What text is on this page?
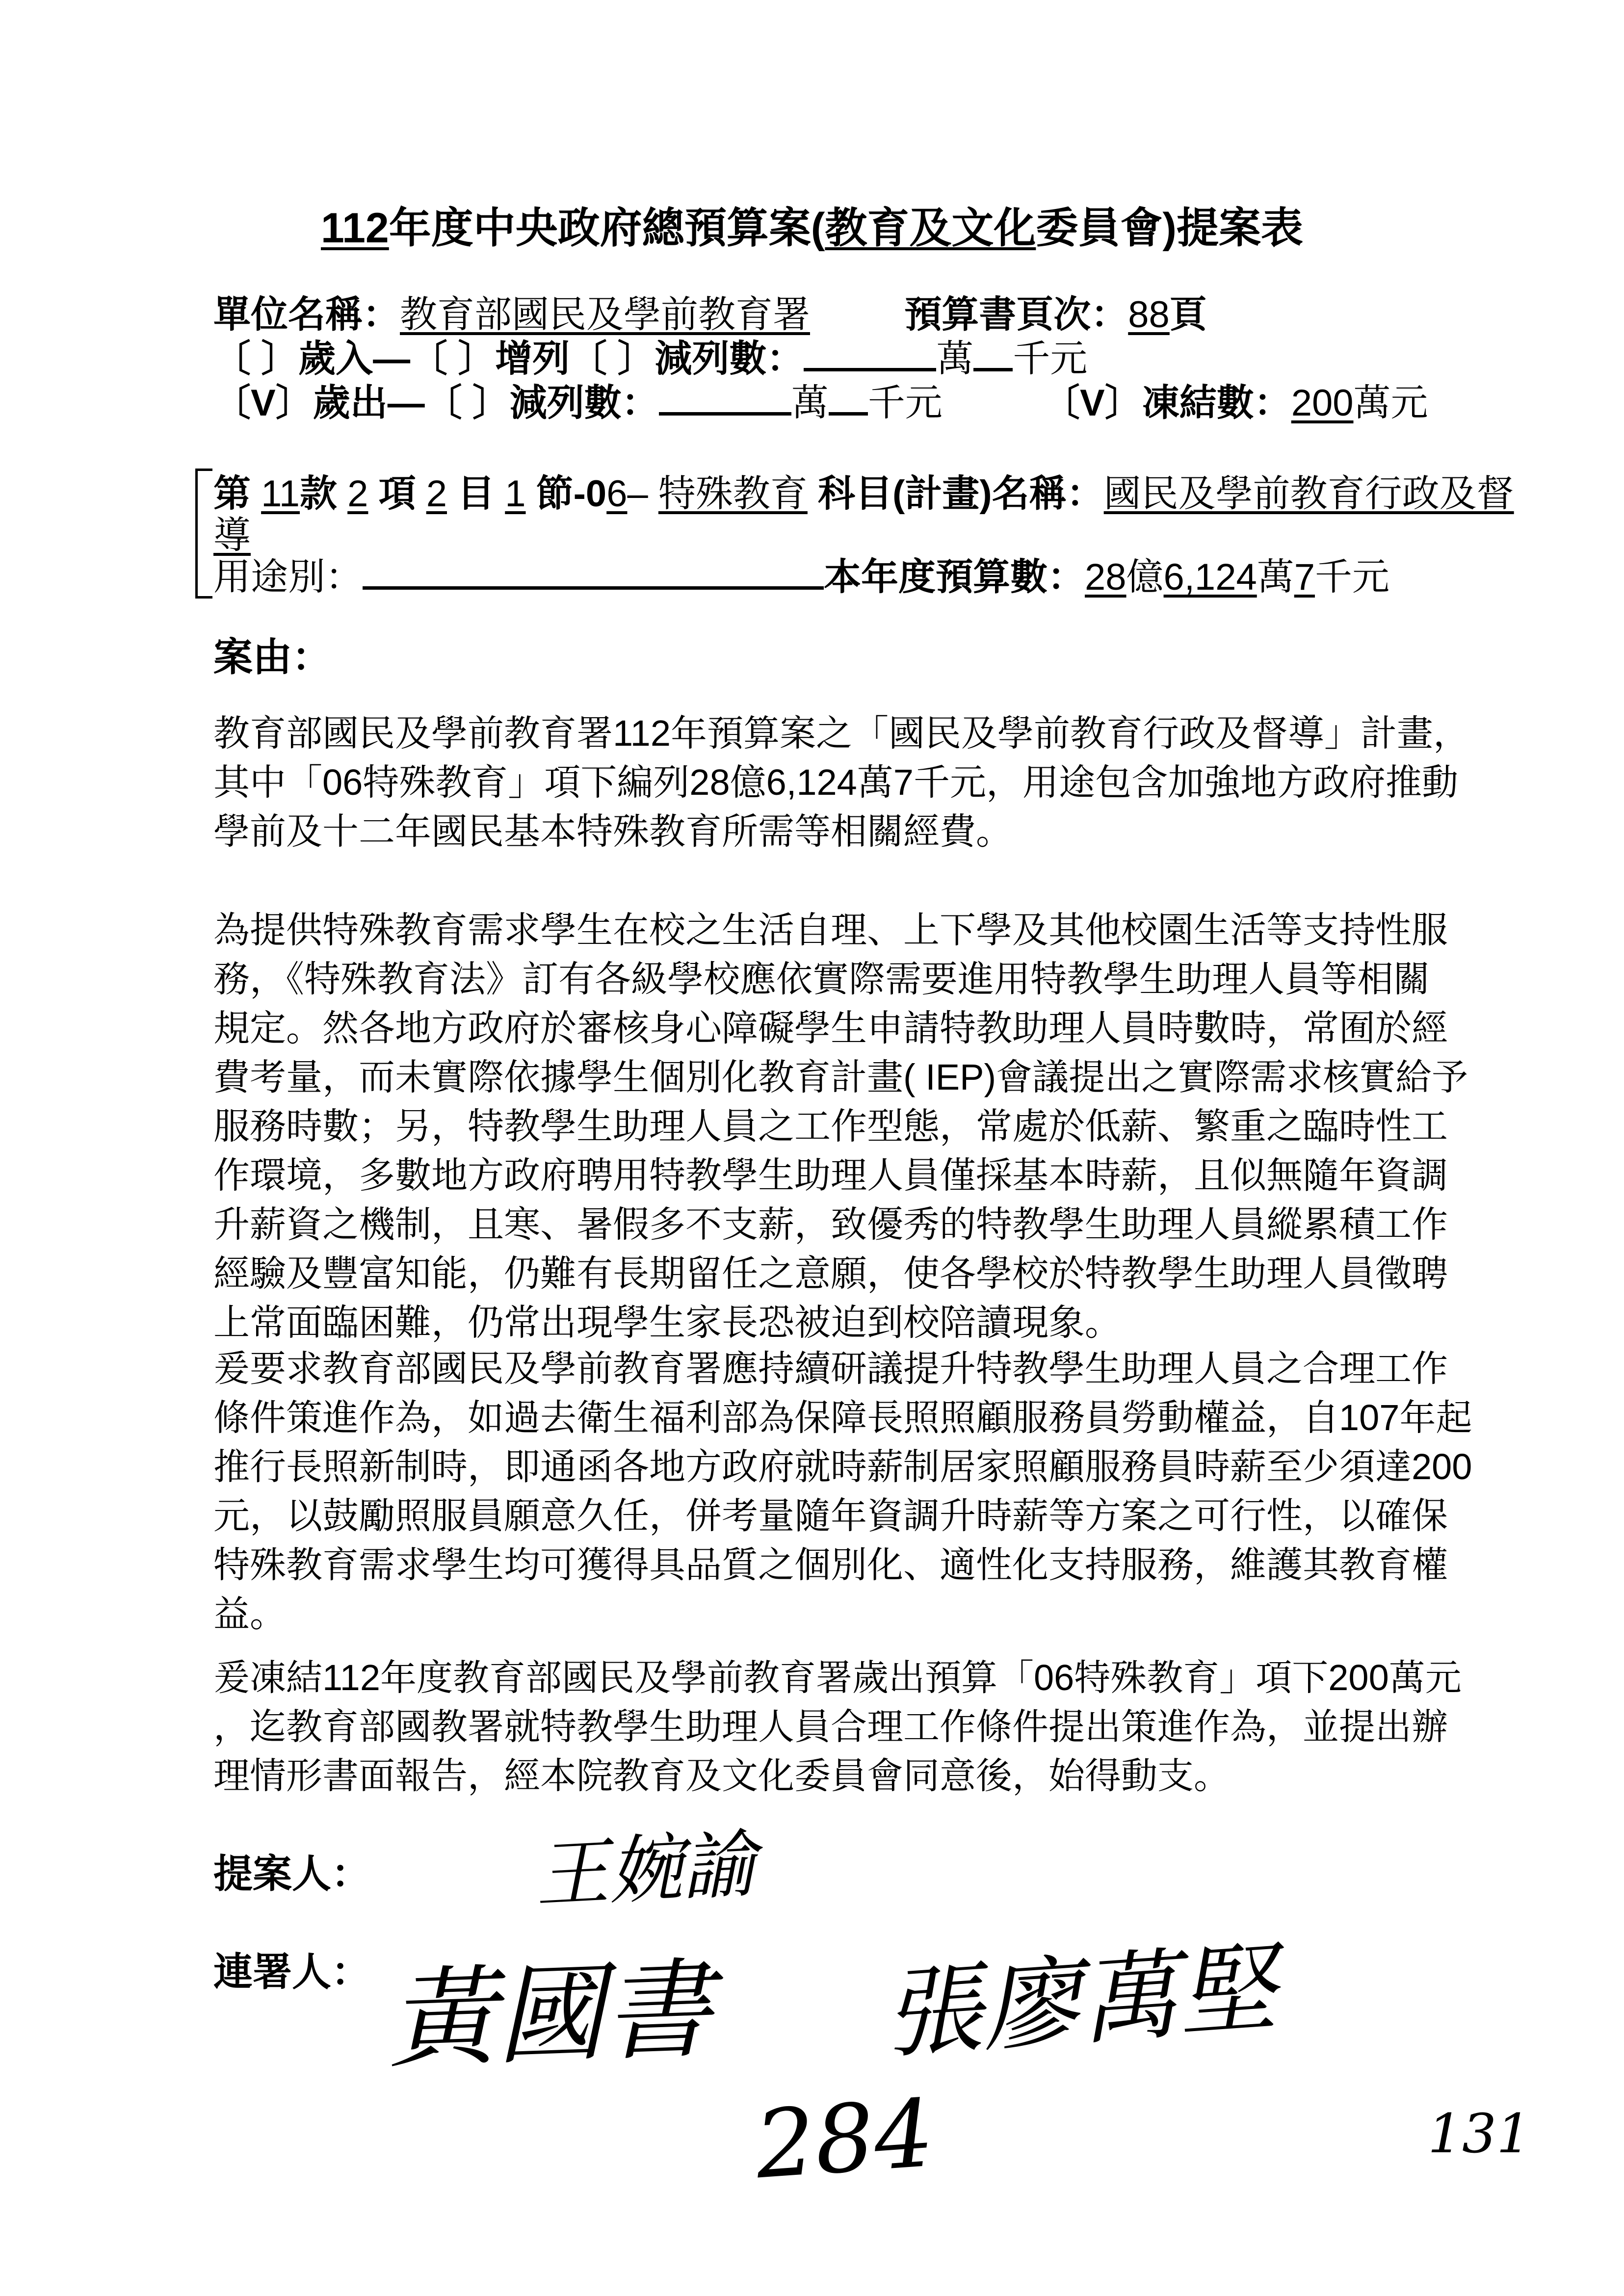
112年度中央政府總預算案(教育及文化委員會)提案表
單位名稱：教育部國民及學前教育署	預算書頁次：88頁
〔 〕歲入—〔 〕增列〔 〕減列數：	萬 千元
〔V〕歲出—〔 〕減列數：	萬 千元	〔V〕凍結數：200萬元
第 11款 2 項 2 目 1 節-06– 特殊教育 科目(計畫)名稱：國民及學前教育行政及督
導
用途別：	本年度預算數：28億6,124萬7千元
案由：
教育部國民及學前教育署112年預算案之「國民及學前教育行政及督導」計畫，
其中「06特殊教育」項下編列28億6,124萬7千元，用途包含加強地方政府推動
學前及十二年國民基本特殊教育所需等相關經費。
為提供特殊教育需求學生在校之生活自理、上下學及其他校園生活等支持性服
務，《特殊教育法》訂有各級學校應依實際需要進用特教學生助理人員等相關
規定。然各地方政府於審核身心障礙學生申請特教助理人員時數時，常囿於經
費考量，而未實際依據學生個別化教育計畫( IEP)會議提出之實際需求核實給予
服務時數；另，特教學生助理人員之工作型態，常處於低薪、繁重之臨時性工
作環境，多數地方政府聘用特教學生助理人員僅採基本時薪，且似無隨年資調
升薪資之機制，且寒、暑假多不支薪，致優秀的特教學生助理人員縱累積工作
經驗及豐富知能，仍難有長期留任之意願，使各學校於特教學生助理人員徵聘
上常面臨困難，仍常出現學生家長恐被迫到校陪讀現象。
爰要求教育部國民及學前教育署應持續研議提升特教學生助理人員之合理工作
條件策進作為，如過去衛生福利部為保障長照照顧服務員勞動權益，自107年起
推行長照新制時，即通函各地方政府就時薪制居家照顧服務員時薪至少須達200
元，以鼓勵照服員願意久任，併考量隨年資調升時薪等方案之可行性，以確保
特殊教育需求學生均可獲得具品質之個別化、適性化支持服務，維護其教育權
益。
爰凍結112年度教育部國民及學前教育署歲出預算「06特殊教育」項下200萬元
，迄教育部國教署就特教學生助理人員合理工作條件提出策進作為，並提出辦
理情形書面報告，經本院教育及文化委員會同意後，始得動支。
提案人： 王婉諭
連署人： 黃國書 張廖萬堅
284	131
